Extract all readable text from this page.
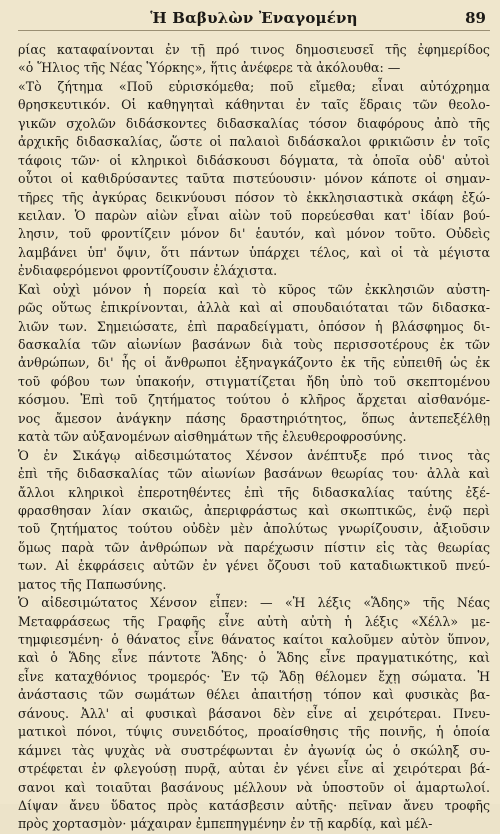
Ἡ Βαβυλὼν Ἐναγομένη	89
ρίας καταφαίνονται ἐν τῇ πρό τινος δημοσιευσεῖ τῆς ἐφημερίδος
«ὁ Ἥλιος τῆς Νέας Ὑόρκης», ἥτις ἀνέφερε τὰ ἀκόλουθα: —
«Τὸ ζήτημα «Ποῦ εὑρισκόμεθα; ποῦ εἴμεθα; εἶναι αὐτόχρημα
θρησκευτικόν. Οἱ καθηγηταὶ κάθηνται ἐν ταῖς ἕδραις τῶν θεολο-
γικῶν σχολῶν διδάσκοντες διδασκαλίας τόσον διαφόρους ἀπὸ τῆς
ἀρχικῆς διδασκαλίας, ὥστε οἱ παλαιοὶ διδάσκαλοι φρικιῶσιν ἐν τοῖς
τάφοις τῶν· οἱ κληρικοὶ διδάσκουσι δόγματα, τὰ ὁποῖα οὐδ' αὐτοὶ
οὗτοι οἱ καθιδρύσαντες ταῦτα πιστεύουσιν· μόνον κάποτε οἱ σημαν-
τῆρες τῆς ἀγκύρας δεικνύουσι πόσον τὸ ἐκκλησιαστικὰ σκάφη ἐξώ-
κειλαν. Ὁ παρὼν αἰὼν εἶναι αἰὼν τοῦ πορεύεσθαι κατ' ἰδίαν βού-
λησιν, τοῦ φροντίζειν μόνον δι' ἑαυτόν, καὶ μόνον τοῦτο. Οὐδεὶς
λαμβάνει ὑπ' ὄψιν, ὅτι πάντων ὑπάρχει τέλος, καὶ οἱ τὰ μέγιστα
ἐνδιαφερόμενοι φροντίζουσιν ἐλάχιστα.
Καὶ οὐχὶ μόνον ἡ πορεία καὶ τὸ κῦρος τῶν ἐκκλησιῶν αὐστη-
ρῶς οὕτως ἐπικρίνονται, ἀλλὰ καὶ αἱ σπουδαιόταται τῶν διδασκα-
λιῶν των. Σημειώσατε, ἐπὶ παραδείγματι, ὁπόσον ἡ βλάσφημος δι-
δασκαλία τῶν αἰωνίων βασάνων διὰ τοὺς περισσοτέρους ἐκ τῶν
ἀνθρώπων, δι' ἧς οἱ ἄνθρωποι ἐξηναγκάζοντο ἐκ τῆς εὐπειθῆ ὡς ἐκ
τοῦ φόβου των ὑπακοήν, στιγματίζεται ἤδη ὑπὸ τοῦ σκεπτομένου
κόσμου. Ἐπὶ τοῦ ζητήματος τούτου ὁ κλῆρος ἄρχεται αἰσθανόμε-
νος ἄμεσον ἀνάγκην πάσης δραστηριότητος, ὅπως ἀντεπεξέλθῃ
κατὰ τῶν αὐξανομένων αἰσθημάτων τῆς ἐλευθεροφροσύνης.
Ὁ ἐν Σικάγῳ αἰδεσιμώτατος Χένσον ἀνέπτυξε πρό τινος τὰς
ἐπὶ τῆς διδασκαλίας τῶν αἰωνίων βασάνων θεωρίας του· ἀλλὰ καὶ
ἄλλοι κληρικοὶ ἐπεροτηθέντες ἐπὶ τῆς διδασκαλίας ταύτης ἐξέ-
φρασθησαν λίαν σκαιῶς, ἀπεριφράστως καὶ σκωπτικῶς, ἐνῷ περὶ
τοῦ ζητήματος τούτου οὐδὲν μὲν ἀπολύτως γνωρίζουσιν, ἀξιοῦσιν
ὅμως παρὰ τῶν ἀνθρώπων νὰ παρέχωσιν πίστιν εἰς τὰς θεωρίας
των. Αἱ ἐκφράσεις αὐτῶν ἐν γένει ὄζουσι τοῦ καταδιωκτικοῦ πνεύ-
ματος τῆς Παπωσύνης.
Ὁ αἰδεσιμώτατος Χένσον εἶπεν: — «Ἡ λέξις «Ἅδης» τῆς Νέας
Μεταφράσεως τῆς Γραφῆς εἶνε αὐτὴ αὐτὴ ἡ λέξις «Χέλλ» με-
τημφιεσμένη· ὁ θάνατος εἶνε θάνατος καίτοι καλοῦμεν αὐτὸν ὕπνον,
καὶ ὁ Ἅδης εἶνε πάντοτε Ἅδης· ὁ Ἅδης εἶνε πραγματικότης, καὶ
εἶνε καταχθόνιος τρομερός· Ἐν τῷ Ἅδῃ θέλομεν ἔχῃ σώματα. Ἡ
ἀνάστασις τῶν σωμάτων θέλει ἀπαιτήσῃ τόπον καὶ φυσικὰς βα-
σάνους. Ἀλλ' αἱ φυσικαὶ βάσανοι δὲν εἶνε αἱ χειρότεραι. Πνευ-
ματικοὶ πόνοι, τύψις συνειδότος, προαίσθησις τῆς ποινῆς, ἡ ὁποία
κάμνει τὰς ψυχὰς νὰ συστρέφωνται ἐν ἀγωνίᾳ ὡς ὁ σκώληξ συ-
στρέφεται ἐν φλεγούσῃ πυρᾷ, αὐται ἐν γένει εἶνε αἱ χειρότεραι βά-
σανοι καὶ τοιαῦται βασάνους μέλλουν νὰ ὑποστοῦν οἱ ἁμαρτωλοί.
Δίψαν ἄνευ ὕδατος πρὸς κατάσβεσιν αὐτῆς· πεῖναν ἄνευ τροφῆς
πρὸς χορτασμὸν· μάχαιραν ἐμπεπηγμένην ἐν τῇ καρδίᾳ, καὶ μέλ-
